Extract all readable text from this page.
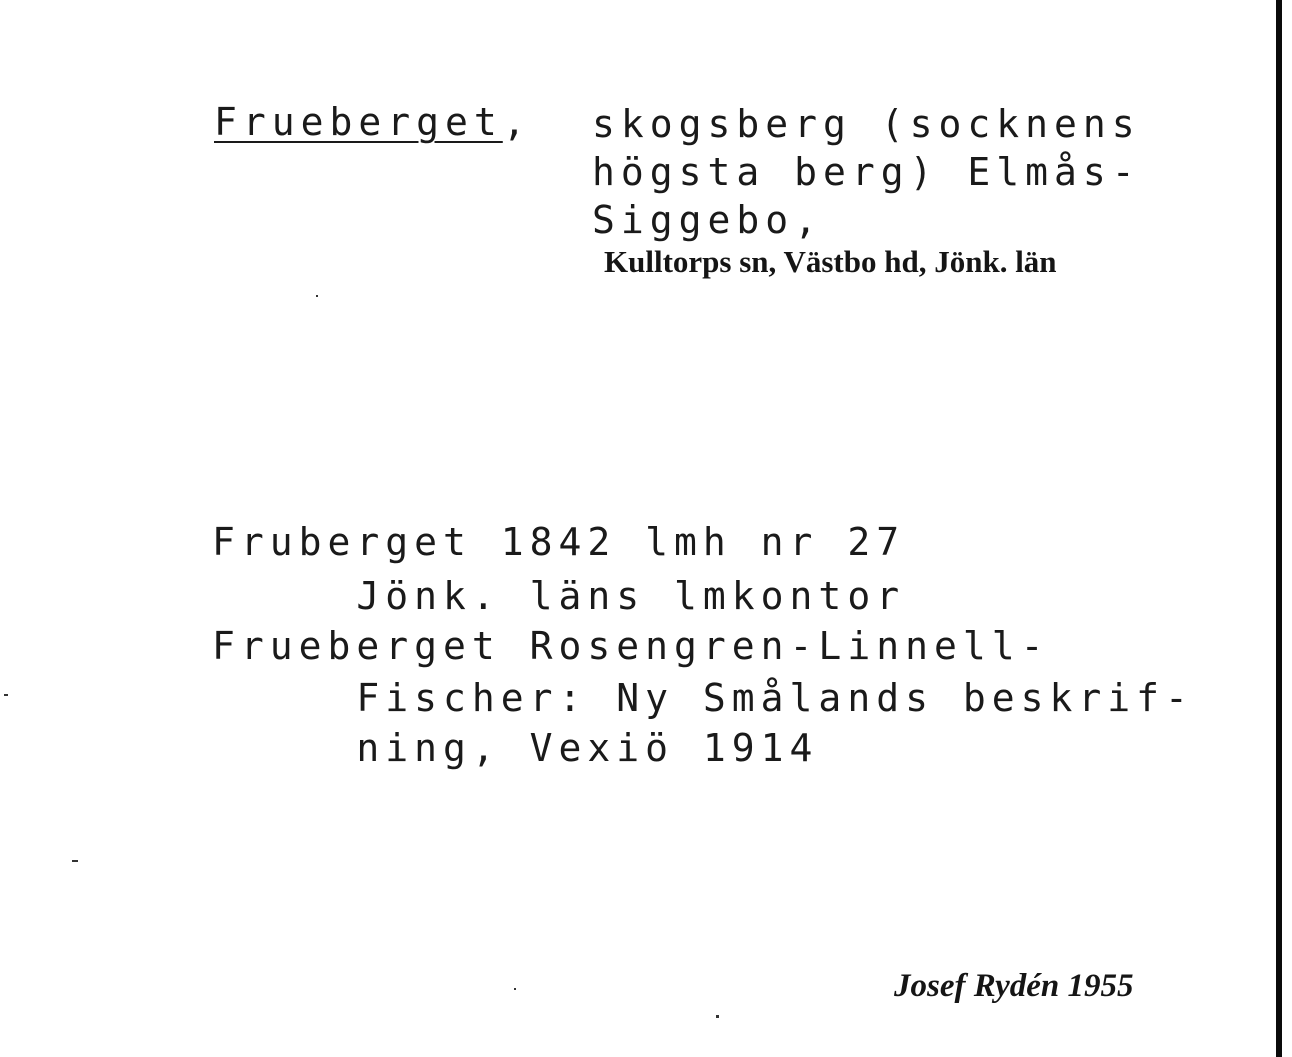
Frueberget, skogsberg (socknens
högsta berg) Elmås-
Siggebo,
Kulltorps sn, Västbo hd, Jönk. län
Fruberget 1842 lmh nr 27
Jönk. läns lmkontor
Frueberget Rosengren-Linnell-
Fischer: Ny Smålands beskrif-
ning, Vexiö 1914
Josef Rydén 1955
